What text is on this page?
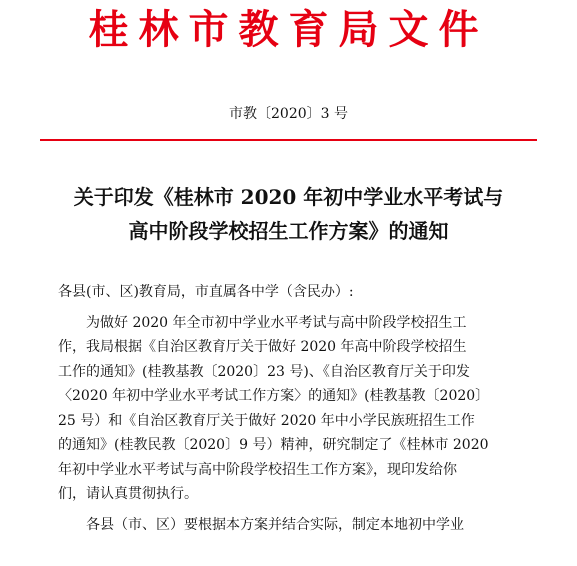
桂林市教育局文件
市教〔2020〕3 号
关于印发《桂林市 2020 年初中学业水平考试与
高中阶段学校招生工作方案》的通知

各县(市、区)教育局，市直属各中学（含民办）:

为做好 2020 年全市初中学业水平考试与高中阶段学校招生工
作，我局根据《自治区教育厅关于做好 2020 年高中阶段学校招生
工作的通知》(桂教基教〔2020〕23 号)、《自治区教育厅关于印发
〈2020 年初中学业水平考试工作方案〉的通知》(桂教基教〔2020〕
25 号）和《自治区教育厅关于做好 2020 年中小学民族班招生工作
的通知》(桂教民教〔2020〕9 号）精神，研究制定了《桂林市 2020
年初中学业水平考试与高中阶段学校招生工作方案》，现印发给你
们，请认真贯彻执行。

各县（市、区）要根据本方案并结合实际，制定本地初中学业
